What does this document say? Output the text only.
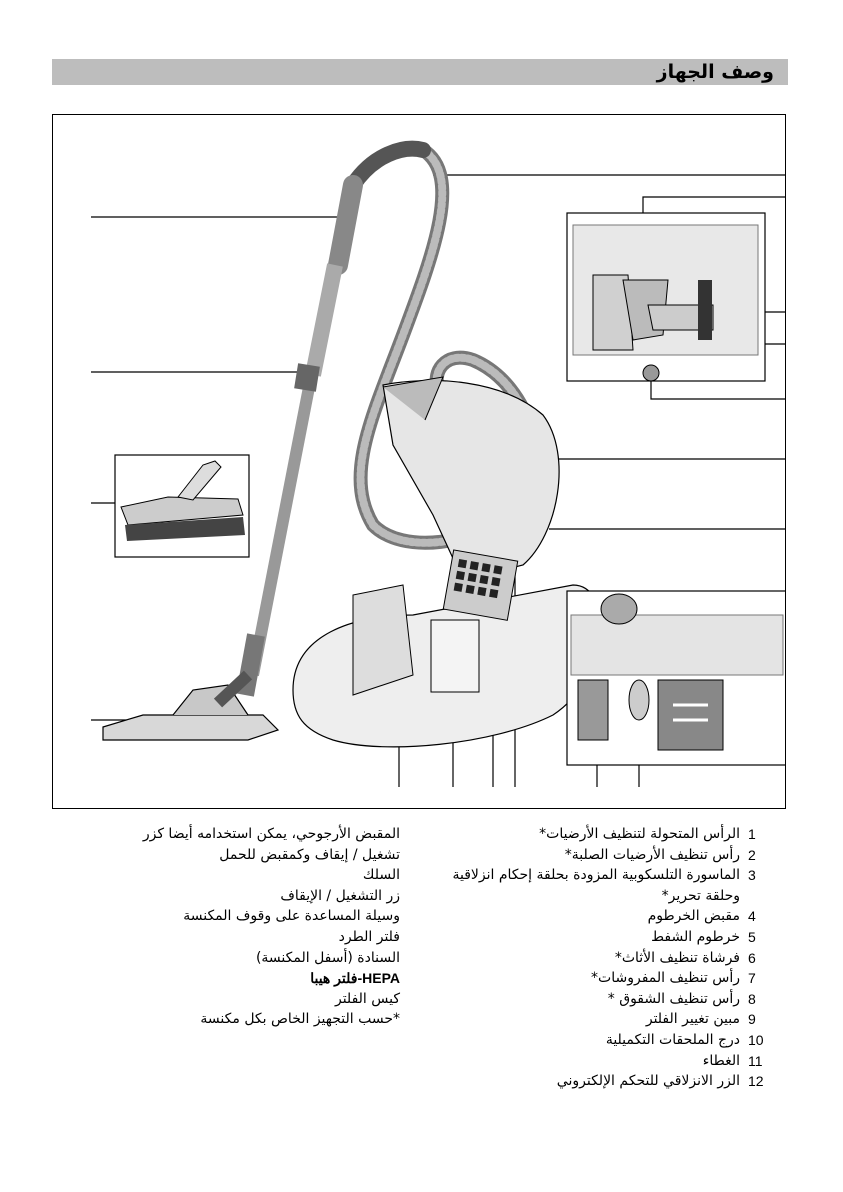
وصف الجهاز
1
الرأس المتحولة لتنظيف الأرضيات*
2
رأس تنظيف الأرضيات الصلبة*
3
الماسورة التلسكوبية المزودة بحلقة إحكام انزلاقية
وحلقة تحرير*
4
مقبض الخرطوم
5
خرطوم الشفط
6
فرشاة تنظيف الأثاث*
7
رأس تنظيف المفروشات*
8
رأس تنظيف الشقوق *
9
مبين تغيير الفلتر
10
درج الملحقات التكميلية
11
الغطاء
12
الزر الانزلاقي للتحكم الإلكتروني
المقبض الأرجوحي، يمكن استخدامه أيضا كزر
تشغيل / إيقاف وكمقبض للحمل
السلك
زر التشغيل / الإيقاف
وسيلة المساعدة على وقوف المكنسة
فلتر الطرد
السنادة (أسفل المكنسة)
HEPA-فلتر هيبا
كيس الفلتر
*حسب التجهيز الخاص بكل مكنسة
